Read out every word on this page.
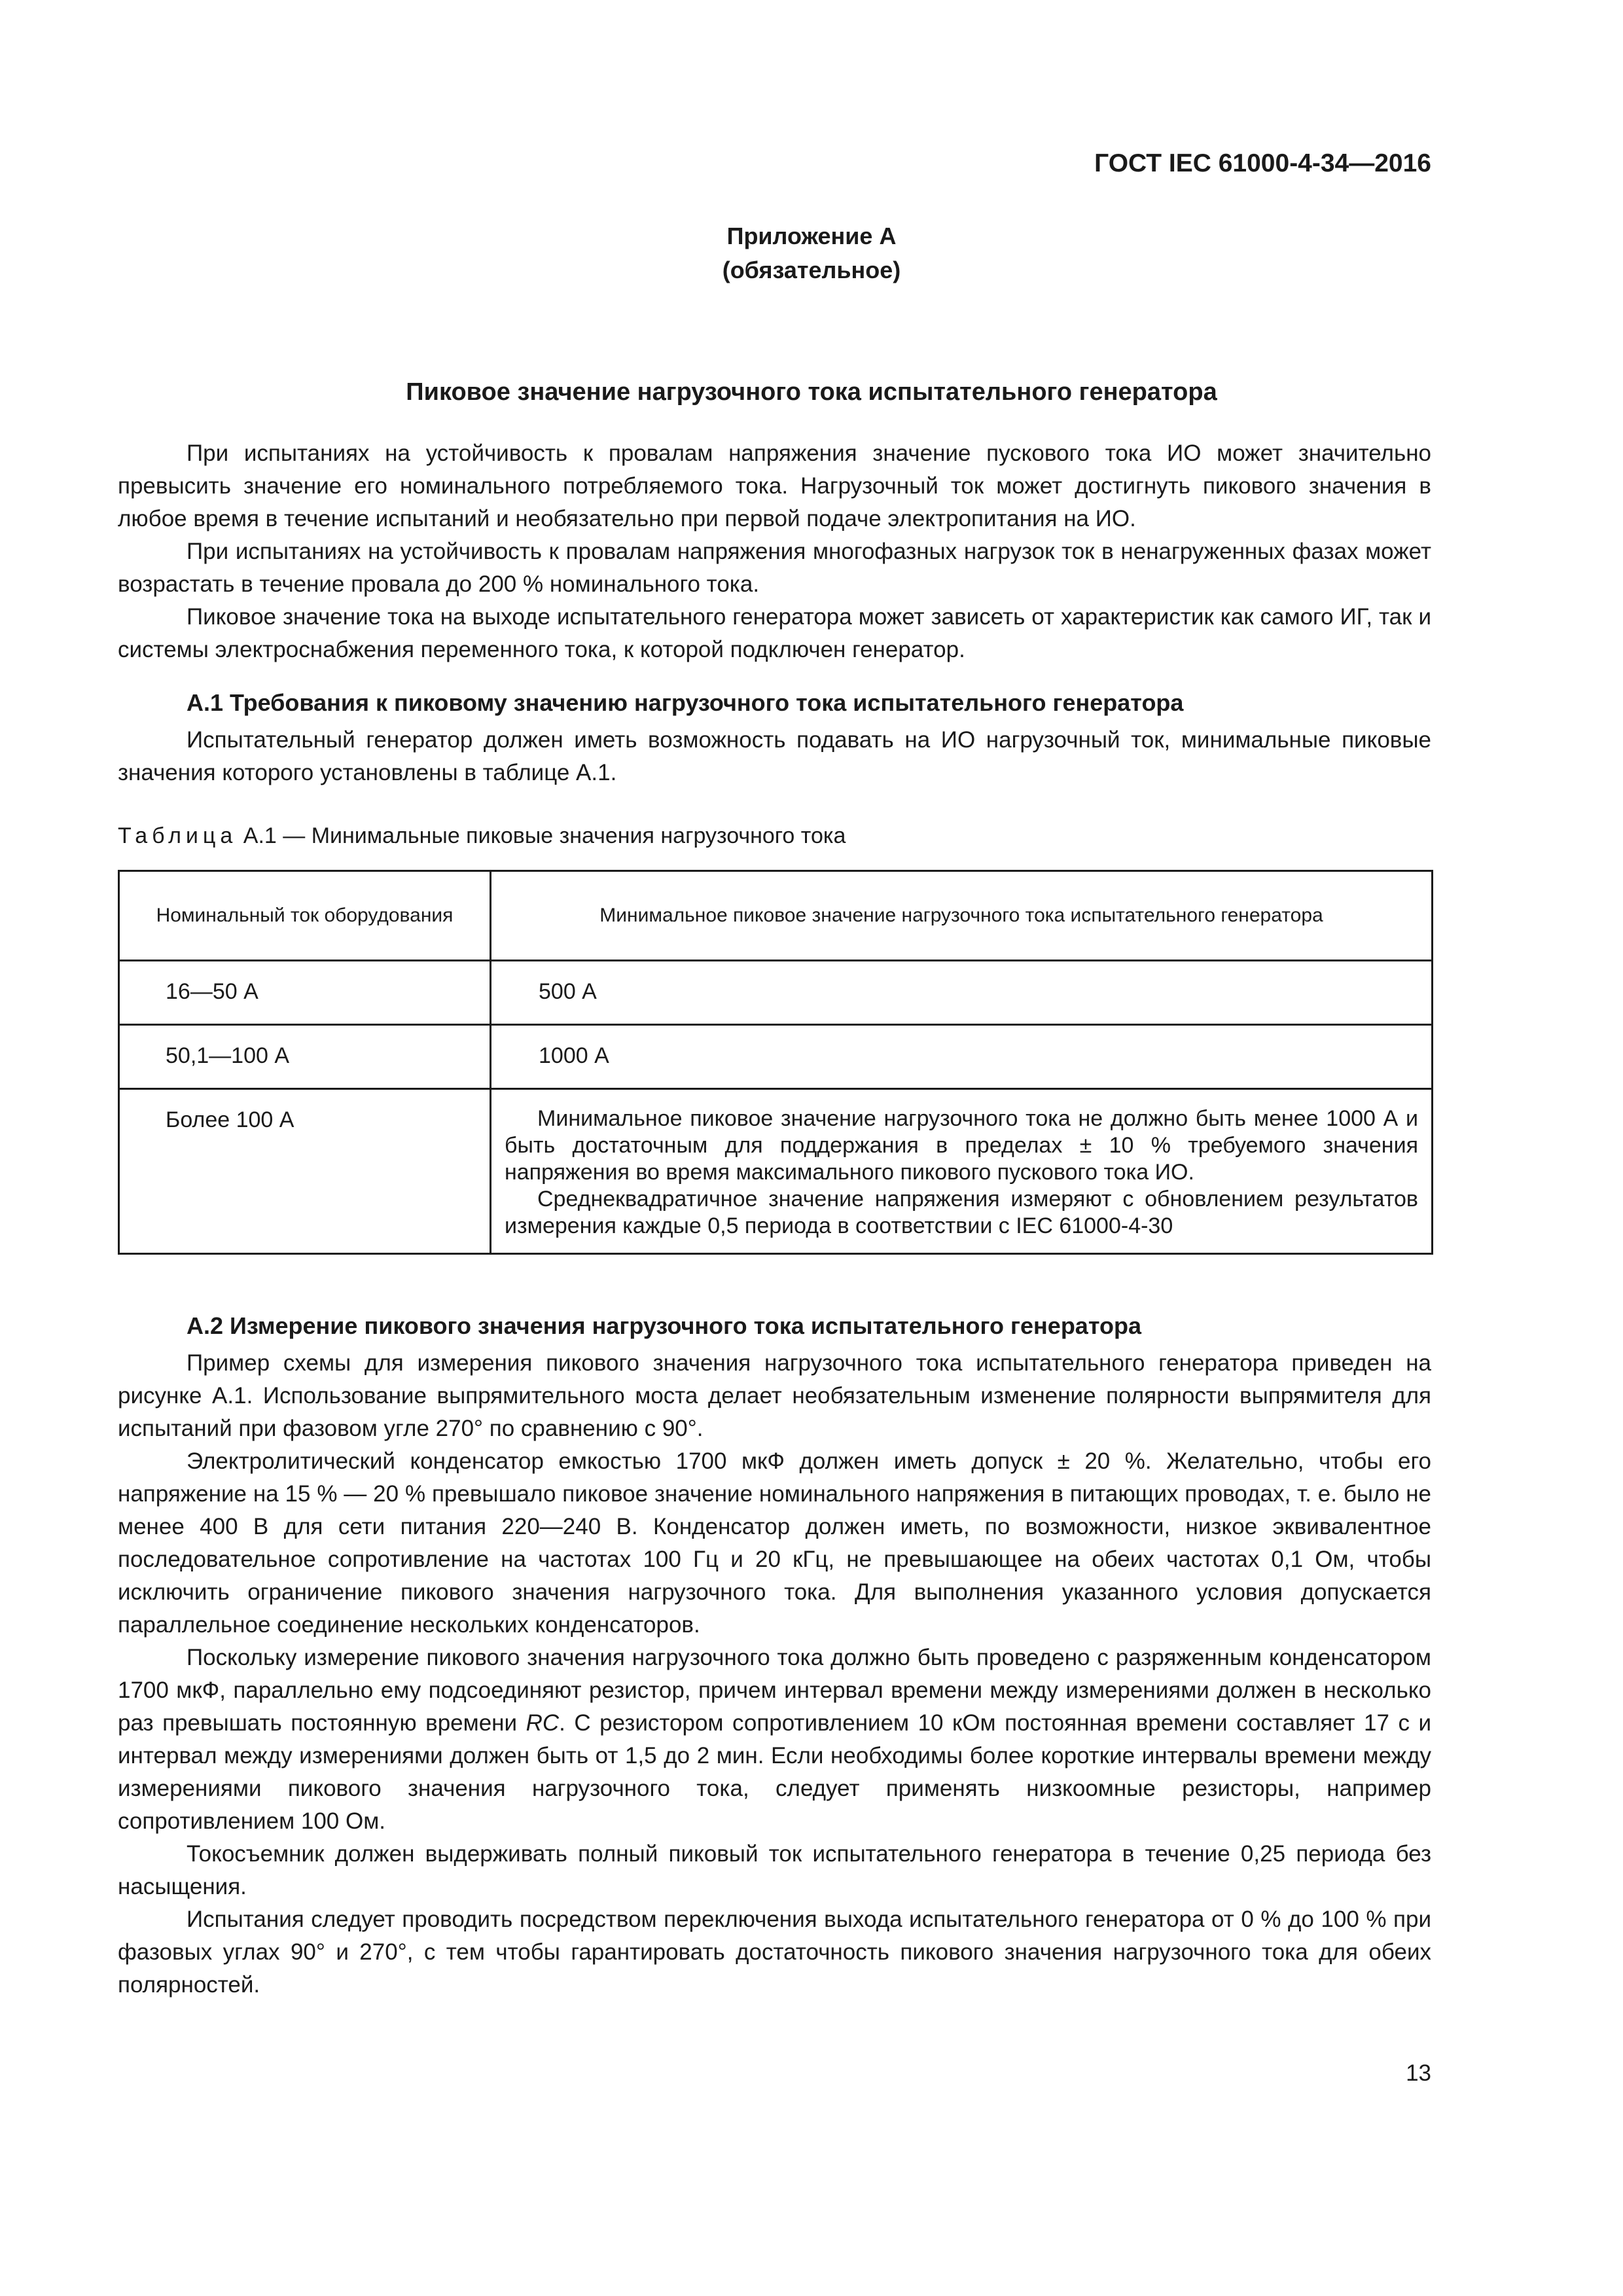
ГОСТ IEC 61000-4-34—2016
Приложение А
(обязательное)
Пиковое значение нагрузочного тока испытательного генератора

При испытаниях на устойчивость к провалам напряжения значение пускового тока ИО может значительно превысить значение его номинального потребляемого тока. Нагрузочный ток может достигнуть пикового значения в любое время в течение испытаний и необязательно при первой подаче электропитания на ИО.

При испытаниях на устойчивость к провалам напряжения многофазных нагрузок ток в ненагруженных фазах может возрастать в течение провала до 200 % номинального тока.

Пиковое значение тока на выходе испытательного генератора может зависеть от характеристик как самого ИГ, так и системы электроснабжения переменного тока, к которой подключен генератор.

А.1 Требования к пиковому значению нагрузочного тока испытательного генератора

Испытательный генератор должен иметь возможность подавать на ИО нагрузочный ток, минимальные пиковые значения которого установлены в таблице А.1.

Таблица А.1 — Минимальные пиковые значения нагрузочного тока
Номинальный ток оборудования	Минимальное пиковое значение нагрузочного тока испытательного генератора
16—50 А	500 А
50,1—100 А	1000 А
Более 100 А	Минимальное пиковое значение нагрузочного тока не должно быть менее 1000 А и быть достаточным для поддержания в пределах ± 10 % требуемого значения напряжения во время максимального пикового пускового тока ИО.

Среднеквадратичное значение напряжения измеряют с обновлением результатов измерения каждые 0,5 периода в соответствии с IEC 61000-4-30

А.2 Измерение пикового значения нагрузочного тока испытательного генератора

Пример схемы для измерения пикового значения нагрузочного тока испытательного генератора приведен на рисунке А.1. Использование выпрямительного моста делает необязательным изменение полярности выпрямителя для испытаний при фазовом угле 270° по сравнению с 90°.

Электролитический конденсатор емкостью 1700 мкФ должен иметь допуск ± 20 %. Желательно, чтобы его напряжение на 15 % — 20 % превышало пиковое значение номинального напряжения в питающих проводах, т. е. было не менее 400 В для сети питания 220—240 В. Конденсатор должен иметь, по возможности, низкое эквивалентное последовательное сопротивление на частотах 100 Гц и 20 кГц, не превышающее на обеих частотах 0,1 Ом, чтобы исключить ограничение пикового значения нагрузочного тока. Для выполнения указанного условия допускается параллельное соединение нескольких конденсаторов.

Поскольку измерение пикового значения нагрузочного тока должно быть проведено с разряженным конденсатором 1700 мкФ, параллельно ему подсоединяют резистор, причем интервал времени между измерениями должен в несколько раз превышать постоянную времени RC. С резистором сопротивлением 10 кОм постоянная времени составляет 17 с и интервал между измерениями должен быть от 1,5 до 2 мин. Если необходимы более короткие интервалы времени между измерениями пикового значения нагрузочного тока, следует применять низкоомные резисторы, например сопротивлением 100 Ом.

Токосъемник должен выдерживать полный пиковый ток испытательного генератора в течение 0,25 периода без насыщения.

Испытания следует проводить посредством переключения выхода испытательного генератора от 0 % до 100 % при фазовых углах 90° и 270°, с тем чтобы гарантировать достаточность пикового значения нагрузочного тока для обеих полярностей.

13
